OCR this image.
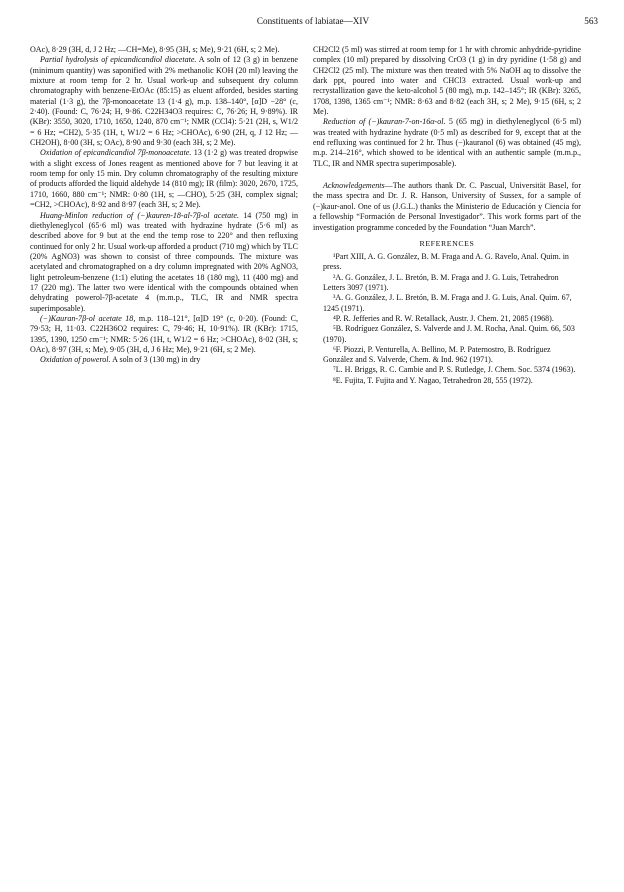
Constituents of labiatae—XIV	563

OAc), 8·29 (3H, d, J 2 Hz; —CH=Me), 8·95 (3H, s; Me), 9·21 (6H, s; 2 Me).

Partial hydrolysis of epicandicandiol diacetate. A soln of 12 (3 g) in benzene (minimum quantity) was saponified with 2% methanolic KOH (20 ml) leaving the mixture at room temp for 2 hr. Usual work-up and subsequent dry column chromatography with benzene-EtOAc (85:15) as eluent afforded, besides starting material (1·3 g), the 7β-monoacetate 13 (1·4 g), m.p. 138–140°, [α]D −28° (c, 2·40). (Found: C, 76·24; H, 9·86. C22H34O3 requires: C, 76·26; H, 9·89%). IR (KBr): 3550, 3020, 1710, 1650, 1240, 870 cm⁻¹; NMR (CCl4): 5·21 (2H, s, W1/2 = 6 Hz; =CH2), 5·35 (1H, t, W1/2 = 6 Hz; >CHOAc), 6·90 (2H, q, J 12 Hz; —CH2OH), 8·00 (3H, s; OAc), 8·90 and 9·30 (each 3H, s; 2 Me).

Oxidation of epicandicandiol 7β-monoacetate. 13 (1·2 g) was treated dropwise with a slight excess of Jones reagent as mentioned above for 7 but leaving it at room temp for only 15 min. Dry column chromatography of the resulting mixture of products afforded the liquid aldehyde 14 (810 mg); IR (film): 3020, 2670, 1725, 1710, 1660, 880 cm⁻¹; NMR: 0·80 (1H, s; —CHO), 5·25 (3H, complex signal; =CH2, >CHOAc), 8·92 and 8·97 (each 3H, s; 2 Me).

Huang-Minlon reduction of (−)kauren-18-al-7β-ol acetate. 14 (750 mg) in diethyleneglycol (65·6 ml) was treated with hydrazine hydrate (5·6 ml) as described above for 9 but at the end the temp rose to 220° and then refluxing continued for only 2 hr. Usual work-up afforded a product (710 mg) which by TLC (20% AgNO3) was shown to consist of three compounds. The mixture was acetylated and chromatographed on a dry column impregnated with 20% AgNO3, light petroleum-benzene (1:1) eluting the acetates 18 (180 mg), 11 (400 mg) and 17 (220 mg). The latter two were identical with the compounds obtained when dehydrating powerol-7β-acetate 4 (m.m.p., TLC, IR and NMR spectra superimposable).

(−)Kauran-7β-ol acetate 18, m.p. 118–121°, [α]D 19° (c, 0·20). (Found: C, 79·53; H, 11·03. C22H36O2 requires: C, 79·46; H, 10·91%). IR (KBr): 1715, 1395, 1390, 1250 cm⁻¹; NMR: 5·26 (1H, t, W1/2 = 6 Hz; >CHOAc), 8·02 (3H, s; OAc), 8·97 (3H, s; Me), 9·05 (3H, d, J 6 Hz; Me), 9·21 (6H, s; 2 Me).

Oxidation of powerol. A soln of 3 (130 mg) in dry

CH2Cl2 (5 ml) was stirred at room temp for 1 hr with chromic anhydride-pyridine complex (10 ml) prepared by dissolving CrO3 (1 g) in dry pyridine (1·58 g) and CH2Cl2 (25 ml). The mixture was then treated with 5% NaOH aq to dissolve the dark ppt, poured into water and CHCl3 extracted. Usual work-up and recrystallization gave the keto-alcohol 5 (80 mg), m.p. 142–145°; IR (KBr): 3265, 1708, 1398, 1365 cm⁻¹; NMR: 8·63 and 8·82 (each 3H, s; 2 Me), 9·15 (6H, s; 2 Me).

Reduction of (−)kauran-7-on-16α-ol. 5 (65 mg) in diethyleneglycol (6·5 ml) was treated with hydrazine hydrate (0·5 ml) as described for 9, except that at the end refluxing was continued for 2 hr. Thus (−)kauranol (6) was obtained (45 mg), m.p. 214–216°, which showed to be identical with an authentic sample (m.m.p., TLC, IR and NMR spectra superimposable).

Acknowledgements—The authors thank Dr. C. Pascual, Universität Basel, for the mass spectra and Dr. J. R. Hanson, University of Sussex, for a sample of (−)kaur-anol. One of us (J.G.L.) thanks the Ministerio de Educación y Ciencia for a fellowship “Formación de Personal Investigador”. This work forms part of the investigation programme conceded by the Foundation “Juan March”.

REFERENCES

¹Part XIII, A. G. González, B. M. Fraga and A. G. Ravelo, Anal. Quim. in press.

²A. G. González, J. L. Bretón, B. M. Fraga and J. G. Luis, Tetrahedron Letters 3097 (1971).

³A. G. González, J. L. Bretón, B. M. Fraga and J. G. Luis, Anal. Quim. 67, 1245 (1971).

⁴P. R. Jefferies and R. W. Retallack, Austr. J. Chem. 21, 2085 (1968).

⁵B. Rodríguez González, S. Valverde and J. M. Rocha, Anal. Quim. 66, 503 (1970).

⁶F. Piozzi, P. Venturella, A. Bellino, M. P. Paternostro, B. Rodríguez González and S. Valverde, Chem. & Ind. 962 (1971).

⁷L. H. Briggs, R. C. Cambie and P. S. Rutledge, J. Chem. Soc. 5374 (1963).

⁸E. Fujita, T. Fujita and Y. Nagao, Tetrahedron 28, 555 (1972).
